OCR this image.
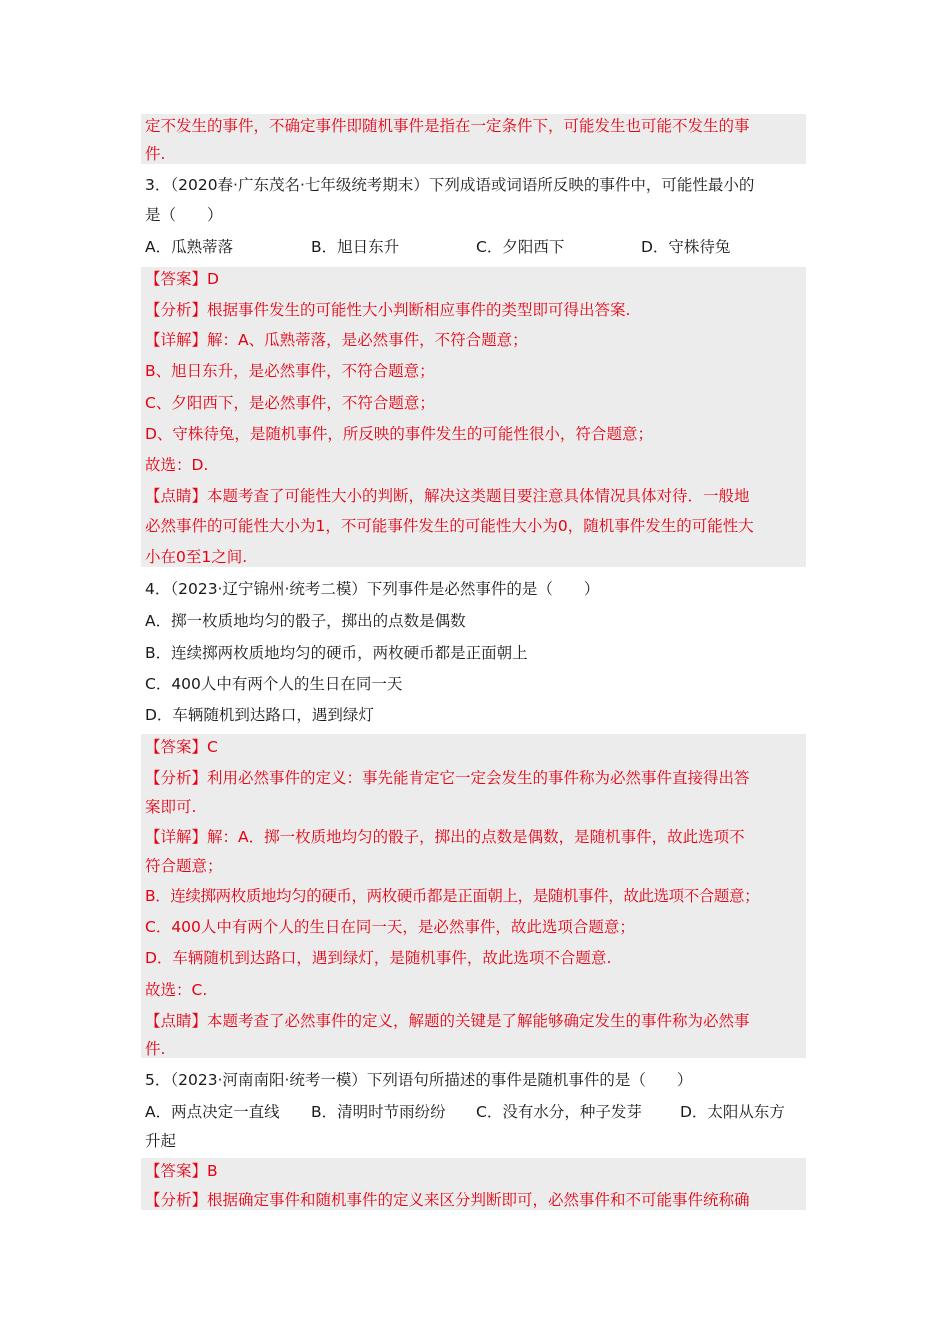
定不发生的事件，不确定事件即随机事件是指在一定条件下，可能发生也可能不发生的事
件.
3．（2020春·广东茂名·七年级统考期末）下列成语或词语所反映的事件中，可能性最小的
是（　　）
A．瓜熟蒂落	B．旭日东升	C．夕阳西下	D．守株待兔
【答案】D
【分析】根据事件发生的可能性大小判断相应事件的类型即可得出答案.
【详解】解：A、瓜熟蒂落，是必然事件，不符合题意；
B、旭日东升，是必然事件，不符合题意；
C、夕阳西下，是必然事件，不符合题意；
D、守株待兔，是随机事件，所反映的事件发生的可能性很小，符合题意；
故选：D.
【点睛】本题考查了可能性大小的判断，解决这类题目要注意具体情况具体对待．一般地
必然事件的可能性大小为1，不可能事件发生的可能性大小为0，随机事件发生的可能性大
小在0至1之间.
4．（2023·辽宁锦州·统考二模）下列事件是必然事件的是（　　）
A．掷一枚质地均匀的骰子，掷出的点数是偶数
B．连续掷两枚质地均匀的硬币，两枚硬币都是正面朝上
C．400人中有两个人的生日在同一天
D．车辆随机到达路口，遇到绿灯
【答案】C
【分析】利用必然事件的定义：事先能肯定它一定会发生的事件称为必然事件直接得出答
案即可.
【详解】解：A．掷一枚质地均匀的骰子，掷出的点数是偶数，是随机事件，故此选项不
符合题意；
B．连续掷两枚质地均匀的硬币，两枚硬币都是正面朝上，是随机事件，故此选项不合题意；
C．400人中有两个人的生日在同一天，是必然事件，故此选项合题意；
D．车辆随机到达路口，遇到绿灯，是随机事件，故此选项不合题意.
故选：C.
【点睛】本题考查了必然事件的定义，解题的关键是了解能够确定发生的事件称为必然事
件.
5．（2023·河南南阳·统考一模）下列语句所描述的事件是随机事件的是（　　）
A．两点决定一直线 B．清明时节雨纷纷 C．没有水分，种子发芽 D．太阳从东方
升起
【答案】B
【分析】根据确定事件和随机事件的定义来区分判断即可，必然事件和不可能事件统称确
